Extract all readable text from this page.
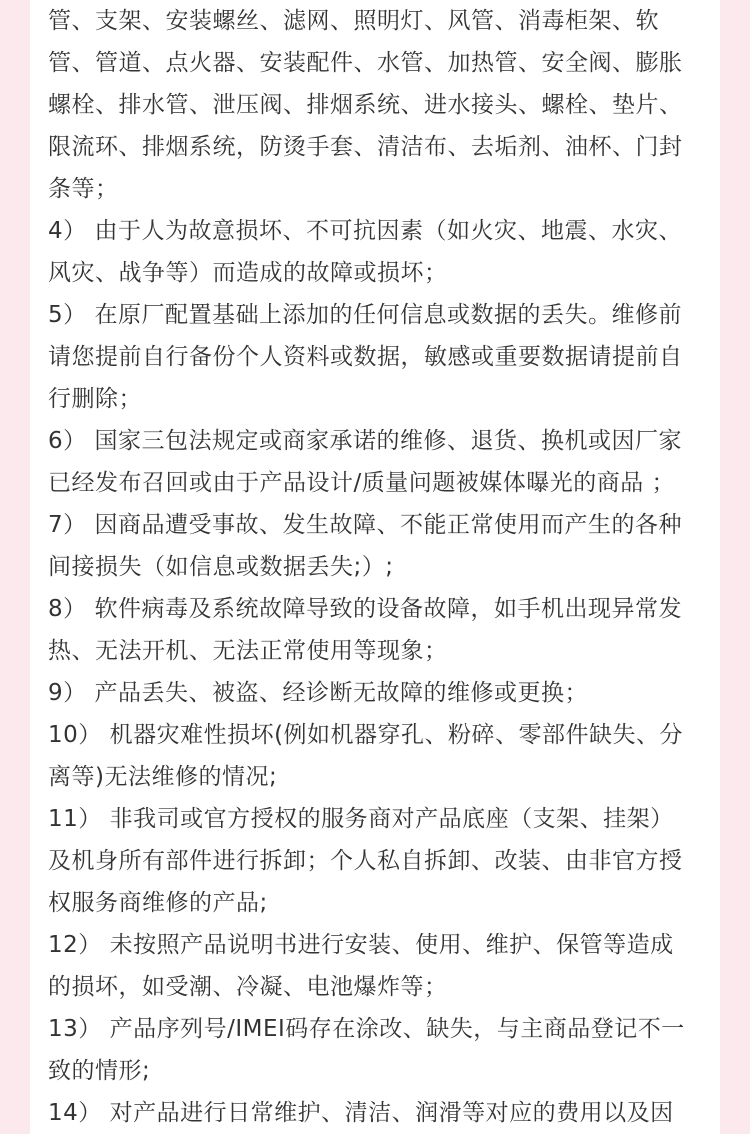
管、支架、安装螺丝、滤网、照明灯、风管、消毒柜架、软
管、管道、点火器、安装配件、水管、加热管、安全阀、膨胀
螺栓、排水管、泄压阀、排烟系统、进水接头、螺栓、垫片、
限流环、排烟系统，防烫手套、清洁布、去垢剂、油杯、门封
条等；
4） 由于人为故意损坏、不可抗因素（如火灾、地震、水灾、
风灾、战争等）而造成的故障或损坏；
5） 在原厂配置基础上添加的任何信息或数据的丢失。维修前
请您提前自行备份个人资料或数据，敏感或重要数据请提前自
行删除；
6） 国家三包法规定或商家承诺的维修、退货、换机或因厂家
已经发布召回或由于产品设计/质量问题被媒体曝光的商品 ；
7） 因商品遭受事故、发生故障、不能正常使用而产生的各种
间接损失（如信息或数据丢失;）;
8） 软件病毒及系统故障导致的设备故障，如手机出现异常发
热、无法开机、无法正常使用等现象；
9） 产品丢失、被盗、经诊断无故障的维修或更换；
10） 机器灾难性损坏(例如机器穿孔、粉碎、零部件缺失、分
离等)无法维修的情况;
11） 非我司或官方授权的服务商对产品底座（支架、挂架）
及机身所有部件进行拆卸；个人私自拆卸、改装、由非官方授
权服务商维修的产品;
12） 未按照产品说明书进行安装、使用、维护、保管等造成
的损坏，如受潮、冷凝、电池爆炸等；
13） 产品序列号/IMEI码存在涂改、缺失，与主商品登记不一
致的情形;
14） 对产品进行日常维护、清洁、润滑等对应的费用以及因
